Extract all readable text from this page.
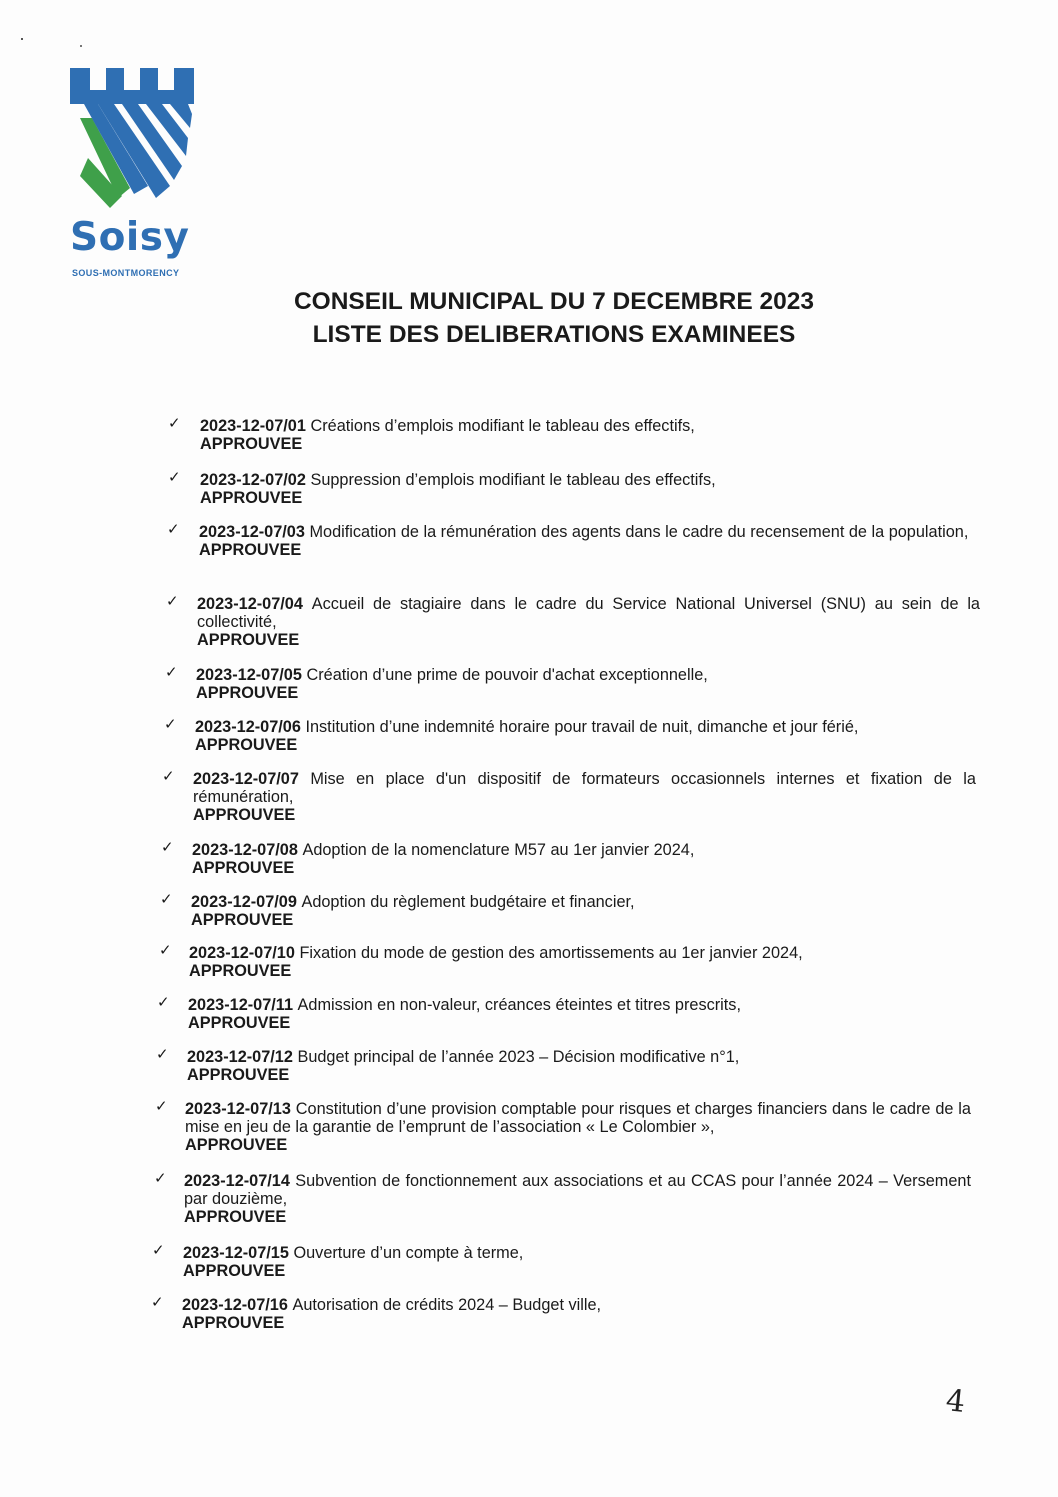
Soisy
SOUS-MONTMORENCY
CONSEIL MUNICIPAL DU 7 DECEMBRE 2023
LISTE DES DELIBERATIONS EXAMINEES
✓ 2023-12-07/01 Créations d’emplois modifiant le tableau des effectifs,
APPROUVEE
✓ 2023-12-07/02 Suppression d’emplois modifiant le tableau des effectifs,
APPROUVEE
✓ 2023-12-07/03 Modification de la rémunération des agents dans le cadre du recensement de la population,
APPROUVEE
✓ 2023-12-07/04 Accueil de stagiaire dans le cadre du Service National Universel (SNU) au sein de la collectivité,
APPROUVEE
✓ 2023-12-07/05 Création d’une prime de pouvoir d'achat exceptionnelle,
APPROUVEE
✓ 2023-12-07/06 Institution d’une indemnité horaire pour travail de nuit, dimanche et jour férié,
APPROUVEE
✓ 2023-12-07/07 Mise en place d'un dispositif de formateurs occasionnels internes et fixation de la rémunération,
APPROUVEE
✓ 2023-12-07/08 Adoption de la nomenclature M57 au 1er janvier 2024,
APPROUVEE
✓ 2023-12-07/09 Adoption du règlement budgétaire et financier,
APPROUVEE
✓ 2023-12-07/10 Fixation du mode de gestion des amortissements au 1er janvier 2024,
APPROUVEE
✓ 2023-12-07/11 Admission en non-valeur, créances éteintes et titres prescrits,
APPROUVEE
✓ 2023-12-07/12 Budget principal de l’année 2023 – Décision modificative n°1,
APPROUVEE
✓ 2023-12-07/13 Constitution d’une provision comptable pour risques et charges financiers dans le cadre de la mise en jeu de la garantie de l’emprunt de l’association « Le Colombier »,
APPROUVEE
✓ 2023-12-07/14 Subvention de fonctionnement aux associations et au CCAS pour l’année 2024 – Versement par douzième,
APPROUVEE
✓ 2023-12-07/15 Ouverture d’un compte à terme,
APPROUVEE
✓ 2023-12-07/16 Autorisation de crédits 2024 – Budget ville,
APPROUVEE
4
